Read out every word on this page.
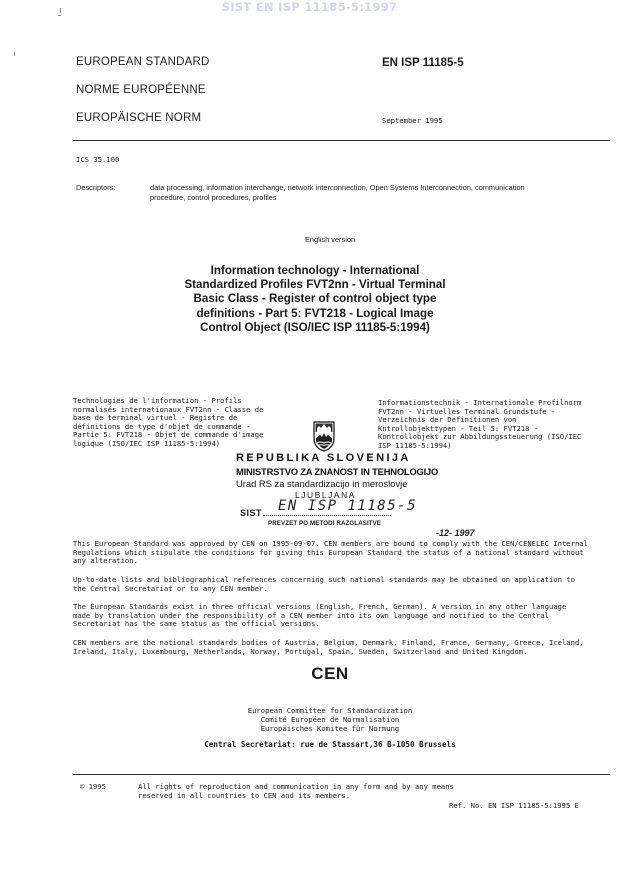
SIST EN ISP 11185-5:1997
EUROPEAN STANDARD
NORME EUROPÉENNE
EUROPÄISCHE NORM
EN ISP 11185-5
September 1995
ICS 35.100
Descriptors:	data processing, information interchange, network interconnection, Open Systems Interconnection, communication
procedure, control procedures, profiles
English version
Information technology - International
Standardized Profiles FVT2nn - Virtual Terminal
Basic Class - Register of control object type
definitions - Part 5: FVT218 - Logical Image
Control Object (ISO/IEC ISP 11185-5:1994)
Technologies de l'information - Profils
normalisés internationaux FVT2nn - Classe de
base de terminal virtuel - Registre de
définitions de type d'objet de commande -
Partie 5: FVT218 - Objet de commande d'image
logique (ISO/IEC ISP 11185-5:1994)
Informationstechnik - Internationale Profilnorm
FVT2nn - Virtuelles Terminal Grundstufe -
Verzeichnis der Definitionen von
Kntrollobjekttypen - Teil 5: FVT218 -
Kontrollobjekt zur Abbildungssteuerung (ISO/IEC
ISP 11185-5:1994)
REPUBLIKA SLOVENIJA
MINISTRSTVO ZA ZNANOST IN TEHNOLOGIJO
Urad RS za standardizacijo in meroslovje
LJUBLJANA
SIST EN ISP 11185-5
PREVZET PO METODI RAZGLASITVE
-12- 1997
This European Standard was approved by CEN on 1995-09-07. CEN members are bound to comply with the CEN/CENELEC Internal
Regulations which stipulate the conditions for giving this European Standard the status of a national standard without
any alteration.
Up-to-date lists and bibliographical references concerning such national standards may be obtained on application to
the Central Secretariat or to any CEN member.
The European Standards exist in three official versions (English, French, German). A version in any other language
made by translation under the responsibility of a CEN member into its own language and notified to the Central
Secretariat has the same status as the official versions.
CEN members are the national standards bodies of Austria, Belgium, Denmark, Finland, France, Germany, Greece, Iceland,
Ireland, Italy, Luxembourg, Netherlands, Norway, Portugal, Spain, Sweden, Switzerland and United Kingdom.
CEN
European Committee for Standardization
Comité Européen de Normalisation
Europäisches Komitee für Normung
Central Secretariat: rue de Stassart,36 B-1050 Brussels
© 1995	All rights of reproduction and communication in any form and by any means
reserved in all countries to CEN and its members.
Ref. No. EN ISP 11185-5:1995 E
